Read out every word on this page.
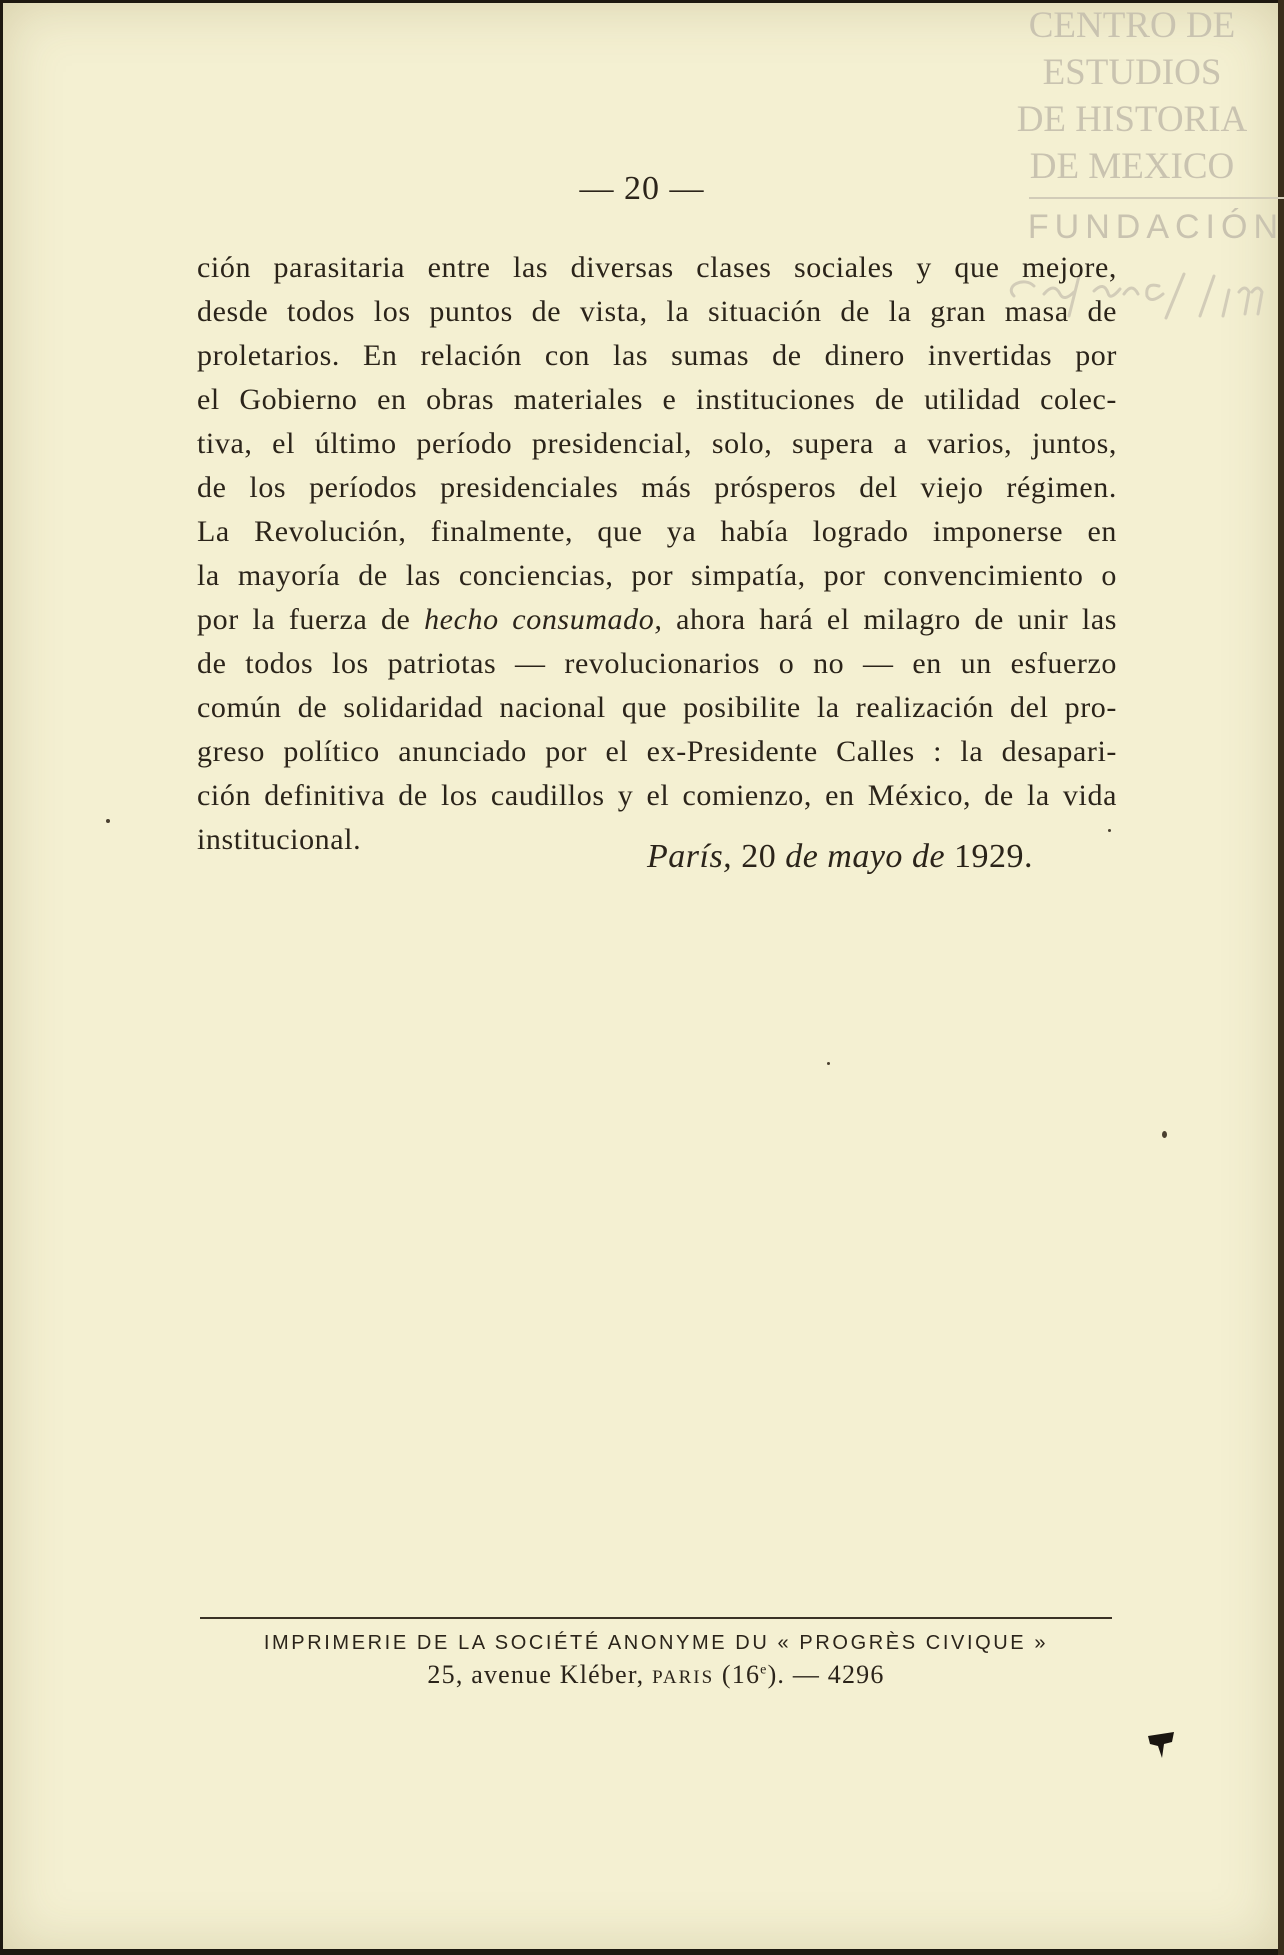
CENTRO DE
ESTUDIOS
DE HISTORIA
DE MEXICO
FUNDACIÓN
— 20 —
ción parasitaria entre las diversas clases sociales y que mejore,
desde todos los puntos de vista, la situación de la gran masa de
proletarios. En relación con las sumas de dinero invertidas por
el Gobierno en obras materiales e instituciones de utilidad colec-
tiva, el último período presidencial, solo, supera a varios, juntos,
de los períodos presidenciales más prósperos del viejo régimen.
La Revolución, finalmente, que ya había logrado imponerse en
la mayoría de las conciencias, por simpatía, por convencimiento o
por la fuerza de hecho consumado, ahora hará el milagro de unir las
de todos los patriotas — revolucionarios o no — en un esfuerzo
común de solidaridad nacional que posibilite la realización del pro-
greso político anunciado por el ex-Presidente Calles : la desapari-
ción definitiva de los caudillos y el comienzo, en México, de la vida
institucional.	París, 20 de mayo de 1929.
IMPRIMERIE DE LA SOCIÉTÉ ANONYME DU « PROGRÈS CIVIQUE »
25, avenue Kléber, PARIS (16e). — 4296
